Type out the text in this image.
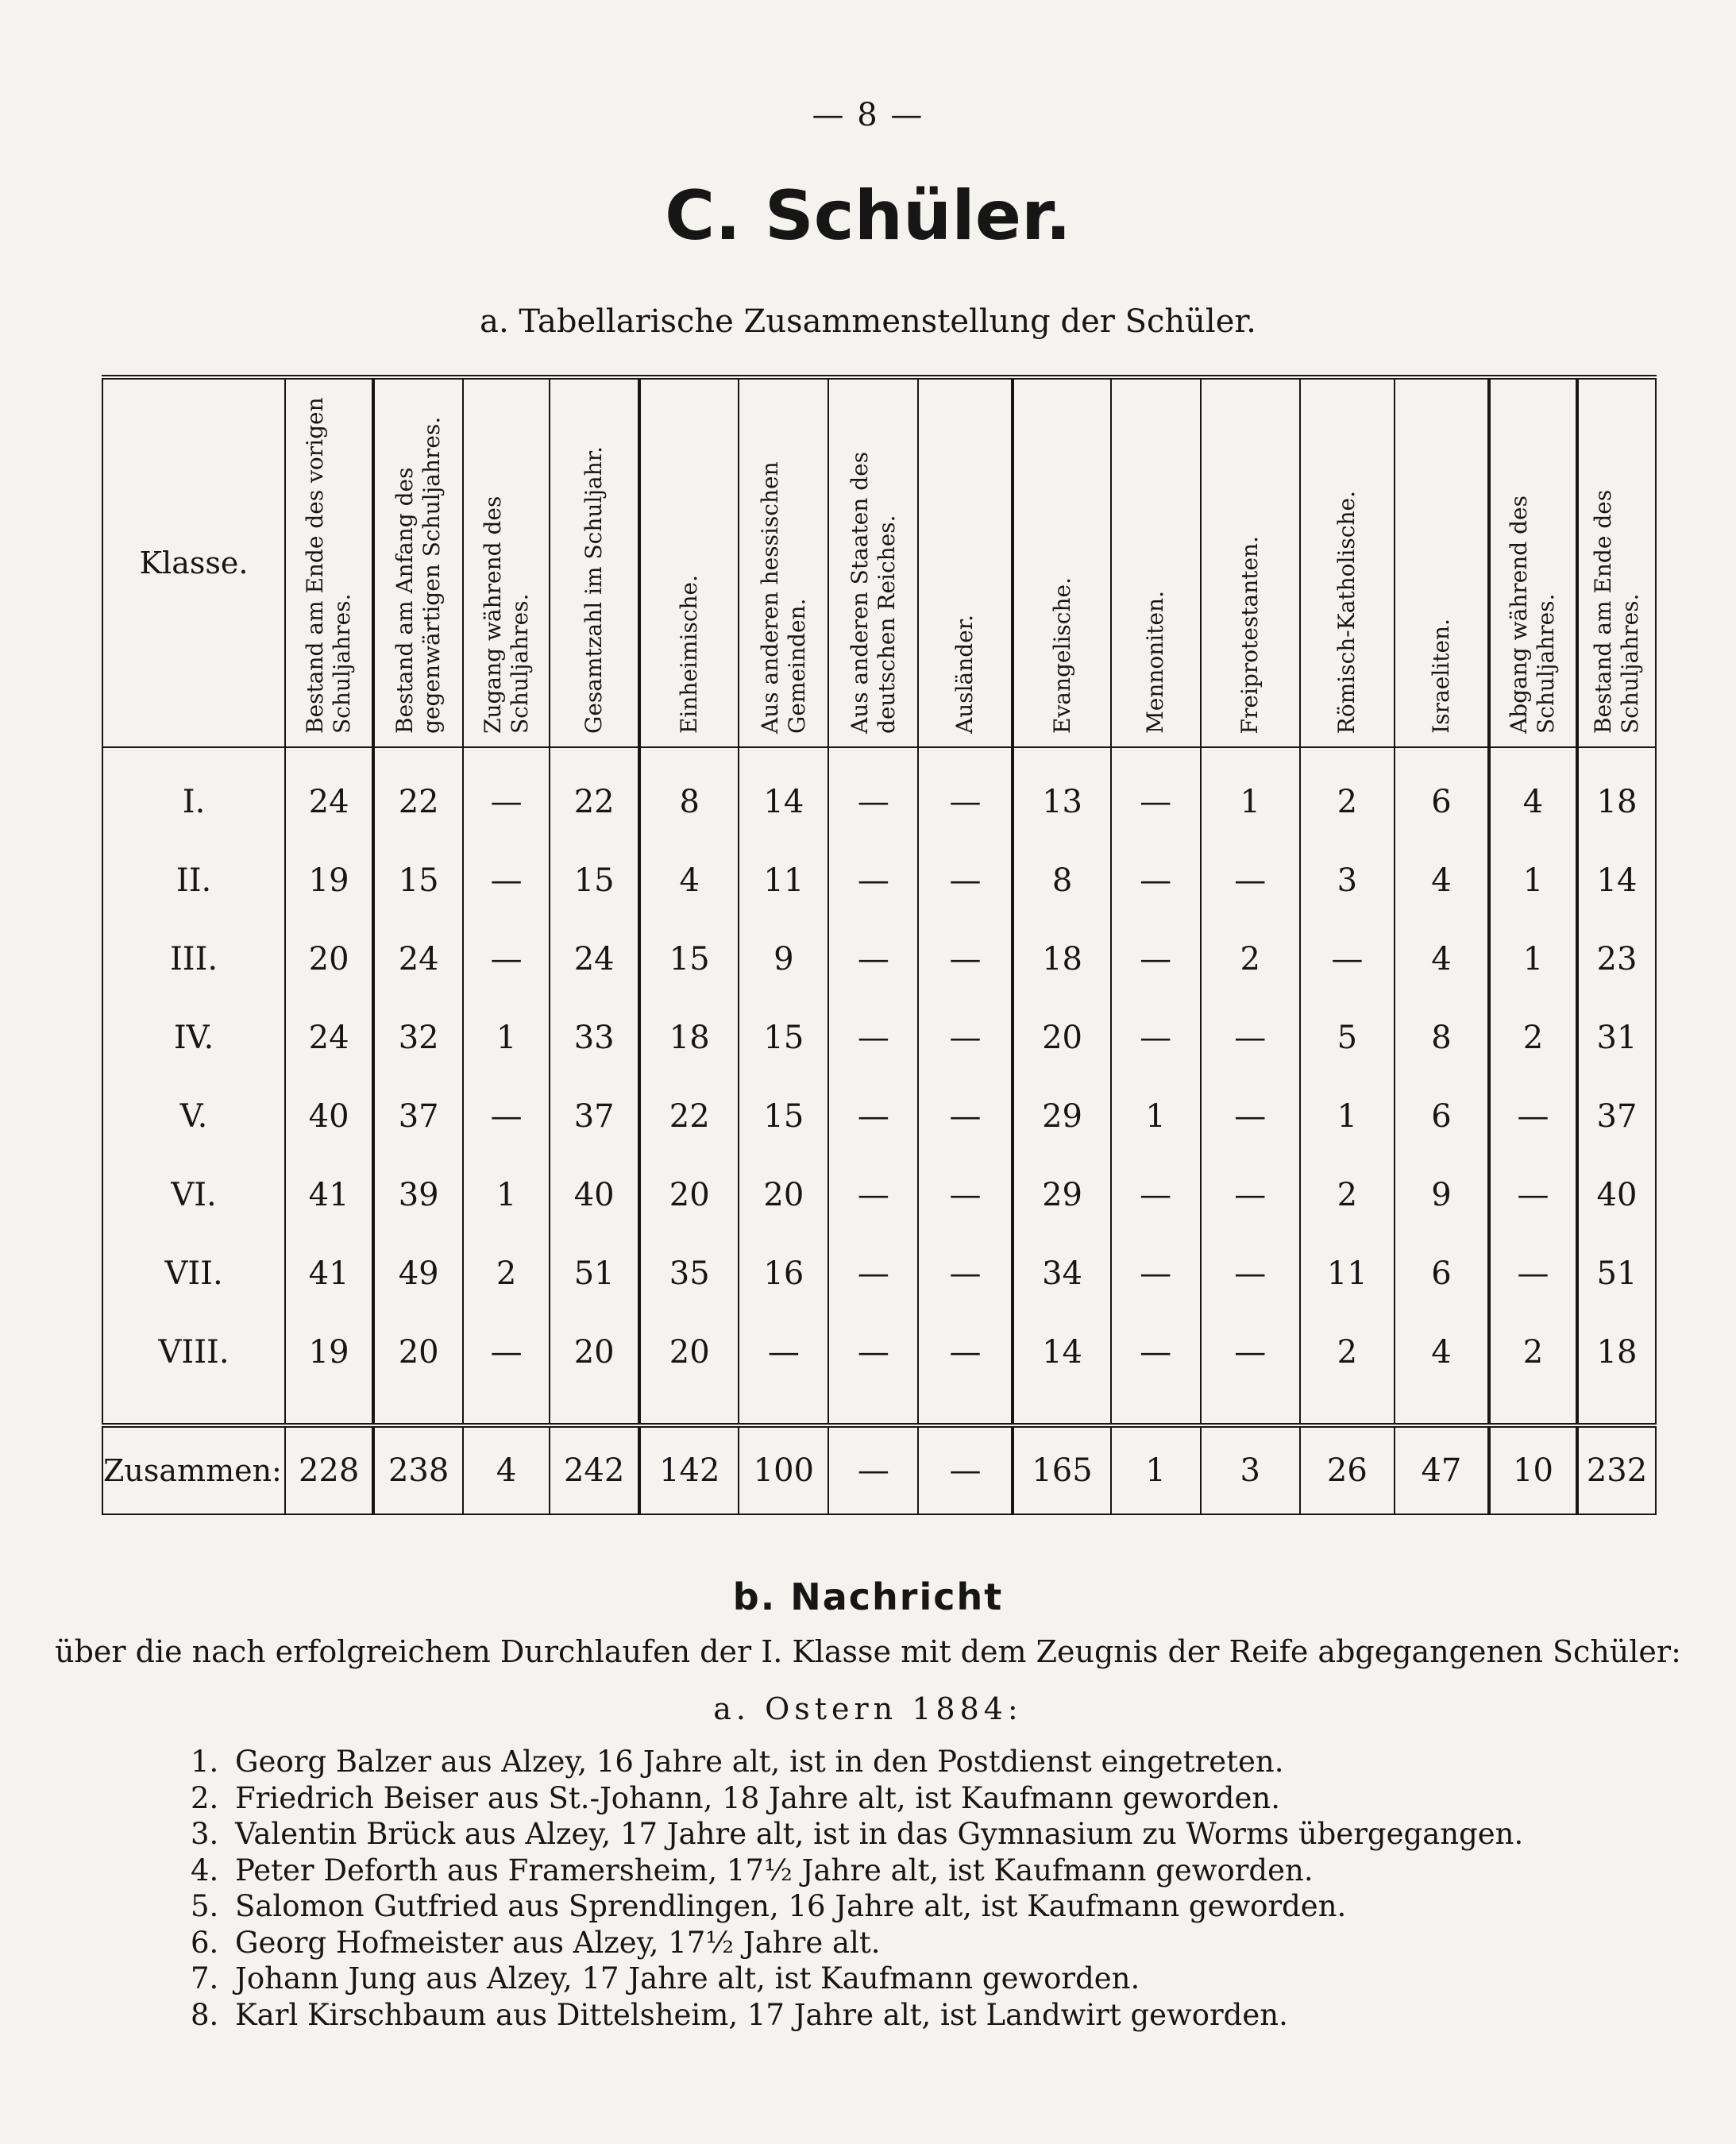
— 8 —
C. Schüler.
a. Tabellarische Zusammenstellung der Schüler.
Klasse.	Bestand am Ende des vorigen Schuljahres.	Bestand am Anfang des gegenwärtigen Schuljahres.	Zugang während des Schuljahres.	Gesamtzahl im Schuljahr.	Einheimische.	Aus anderen hessischen Gemeinden.	Aus anderen Staaten des deutschen Reiches.	Ausländer.	Evangelische.	Mennoniten.	Freiprotestanten.	Römisch-Katholische.	Israeliten.	Abgang während des Schuljahres.	Bestand am Ende des Schuljahres.
I.	24	22	—	22	8	14	—	—	13	—	1	2	6	4	18
II.	19	15	—	15	4	11	—	—	8	—	—	3	4	1	14
III.	20	24	—	24	15	9	—	—	18	—	2	—	4	1	23
IV.	24	32	1	33	18	15	—	—	20	—	—	5	8	2	31
V.	40	37	—	37	22	15	—	—	29	1	—	1	6	—	37
VI.	41	39	1	40	20	20	—	—	29	—	—	2	9	—	40
VII.	41	49	2	51	35	16	—	—	34	—	—	11	6	—	51
VIII.	19	20	—	20	20	—	—	—	14	—	—	2	4	2	18

Zusammen:	228	238	4	242	142	100	—	—	165	1	3	26	47	10	232
b. Nachricht
über die nach erfolgreichem Durchlaufen der I. Klasse mit dem Zeugnis der Reife abgegangenen Schüler:
a. Ostern 1884:
1. Georg Balzer aus Alzey, 16 Jahre alt, ist in den Postdienst eingetreten.
2. Friedrich Beiser aus St.-Johann, 18 Jahre alt, ist Kaufmann geworden.
3. Valentin Brück aus Alzey, 17 Jahre alt, ist in das Gymnasium zu Worms übergegangen.
4. Peter Deforth aus Framersheim, 17½ Jahre alt, ist Kaufmann geworden.
5. Salomon Gutfried aus Sprendlingen, 16 Jahre alt, ist Kaufmann geworden.
6. Georg Hofmeister aus Alzey, 17½ Jahre alt.
7. Johann Jung aus Alzey, 17 Jahre alt, ist Kaufmann geworden.
8. Karl Kirschbaum aus Dittelsheim, 17 Jahre alt, ist Landwirt geworden.
